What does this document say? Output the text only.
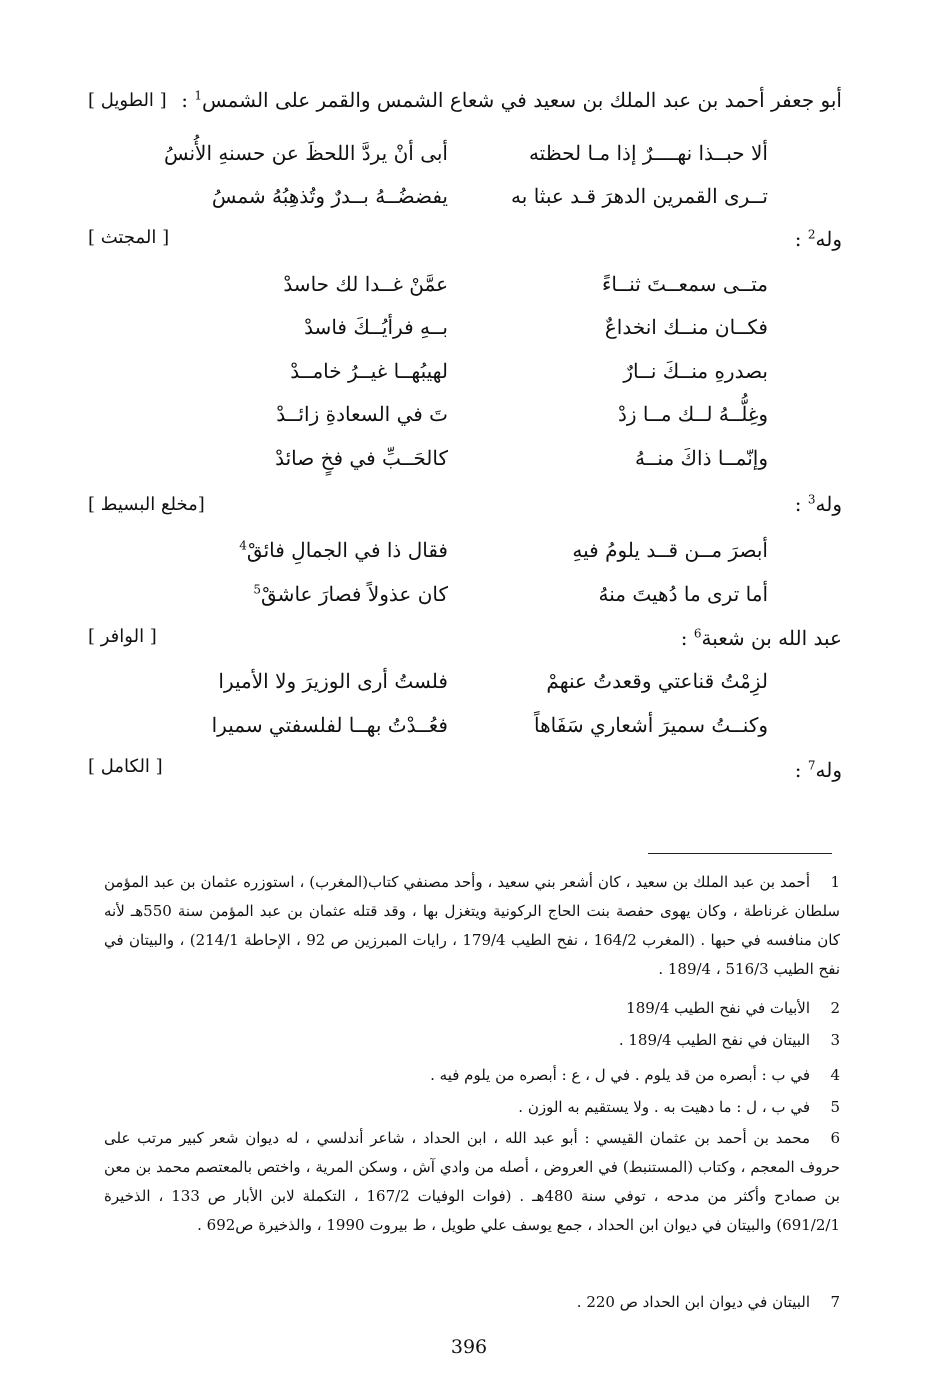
أبو جعفر أحمد بن عبد الملك بن سعيد في شعاع الشمس والقمر على الشمس$^1$ :
[ الطويل ]
ألا حبــذا نهــــرٌ إذا مـا لحظته
أبى أنْ يردَّ اللحظَ عن حسنهِ الأُنسُ
تــرى القمرين الدهرَ قـد عبثا به
يفضضُــهُ بــدرٌ وتُذهِبُهُ شمسُ
وله$^2$ :
[ المجتث ]
متــى سمعــتَ ثنــاءً
عمَّنْ غــدا لك حاسدْ
فكــان منــك انخداعٌ
بــهِ فرأيُــكَ فاسدْ
بصدرهِ منــكَ نــارٌ
لهيبُهــا غيــرُ خامــدْ
وغِلُّــهُ لــك مــا زدْ
تَ في السعادةِ زائــدْ
وإنّمــا ذاكَ منــهُ
كالحَــبِّ في فخٍ صائدْ
وله$^3$ :
[مخلع البسيط ]
أبصرَ مــن قــد يلومُ فيهِ
فقال ذا في الجمالِ فائقْ$^4$
أما ترى ما دُهيتَ منهُ
كان عذولاً فصارَ عاشقْ$^5$
عبد الله بن شعبة$^6$ :
[ الوافر ]
لزِمْتُ قناعتي وقعدتُ عنهمْ
فلستُ أرى الوزيرَ ولا الأميرا
وكنــتُ سميرَ أشعاري سَفَاهاً
فعُــدْتُ بهــا لفلسفتي سميرا
وله$^7$ :
[ الكامل ]
1أحمد بن عبد الملك بن سعيد ، كان أشعر بني سعيد ، وأحد مصنفي كتاب(المغرب) ، استوزره عثمان بن عبد المؤمن سلطان غرناطة ، وكان يهوى حفصة بنت الحاج الركونية ويتغزل بها ، وقد قتله عثمان بن عبد المؤمن سنة 550هـ لأنه كان منافسه في حبها . (المغرب 164/2 ، نفح الطيب 179/4 ، رايات المبرزين ص 92 ، الإحاطة 214/1) ، والبيتان في نفح الطيب 516/3 ، 189/4 .
2الأبيات في نفح الطيب 189/4
3البيتان في نفح الطيب 189/4 .
4في ب : أبصره من قد يلوم . في ل ، ع : أبصره من يلوم فيه .
5في ب ، ل : ما دهيت به . ولا يستقيم به الوزن .
6محمد بن أحمد بن عثمان القيسي : أبو عبد الله ، ابن الحداد ، شاعر أندلسي ، له ديوان شعر كبير مرتب على حروف المعجم ، وكتاب (المستنبط) في العروض ، أصله من وادي آش ، وسكن المرية ، واختص بالمعتصم محمد بن معن بن صمادح وأكثر من مدحه ، توفي سنة 480هـ . (فوات الوفيات 167/2 ، التكملة لابن الأبار ص 133 ، الذخيرة 691/2/1) والبيتان في ديوان ابن الحداد ، جمع يوسف علي طويل ، ط بيروت 1990 ، والذخيرة ص692 .
7البيتان في ديوان ابن الحداد ص 220 .
396
